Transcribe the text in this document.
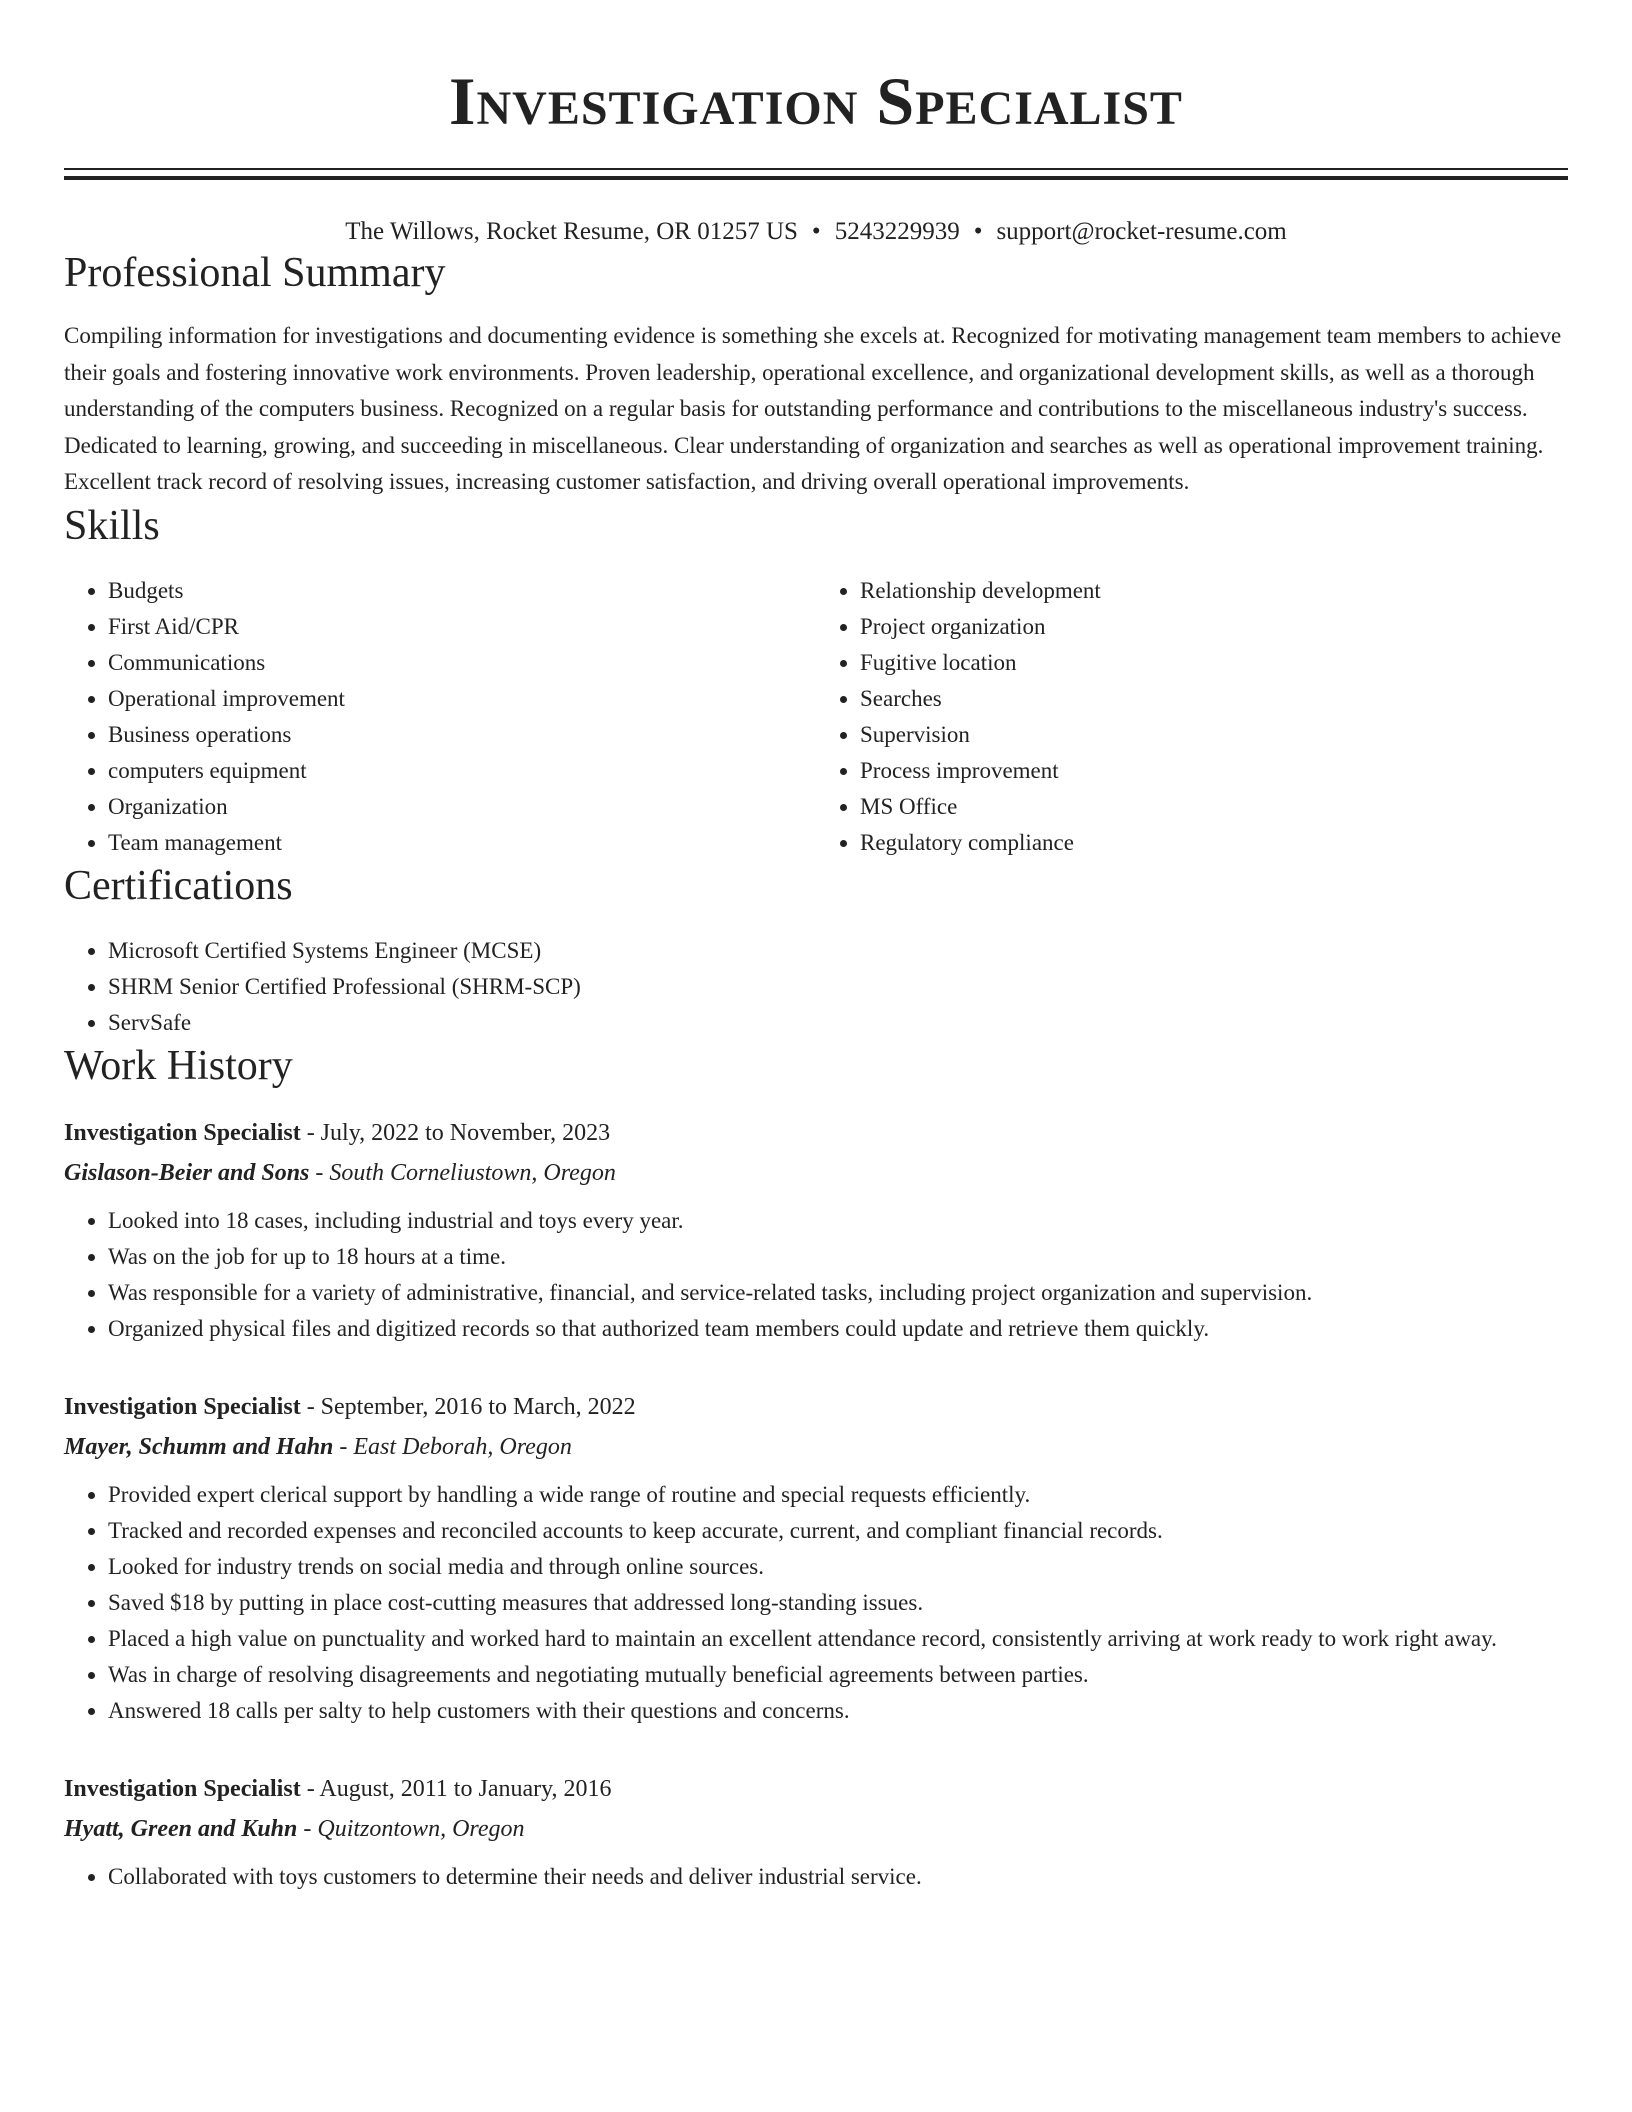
Investigation Specialist
The Willows, Rocket Resume, OR 01257 US • 5243229939 • support@rocket-resume.com
Professional Summary

Compiling information for investigations and documenting evidence is something she excels at. Recognized for motivating management team members to achieve their goals and fostering innovative work environments. Proven leadership, operational excellence, and organizational development skills, as well as a thorough understanding of the computers business. Recognized on a regular basis for outstanding performance and contributions to the miscellaneous industry's success. Dedicated to learning, growing, and succeeding in miscellaneous. Clear understanding of organization and searches as well as operational improvement training. Excellent track record of resolving issues, increasing customer satisfaction, and driving overall operational improvements.

Skills
• Budgets
• First Aid/CPR
• Communications
• Operational improvement
• Business operations
• computers equipment
• Organization
• Team management
• Relationship development
• Project organization
• Fugitive location
• Searches
• Supervision
• Process improvement
• MS Office
• Regulatory compliance
Certifications
• Microsoft Certified Systems Engineer (MCSE)
• SHRM Senior Certified Professional (SHRM-SCP)
• ServSafe
Work History
Investigation Specialist - July, 2022 to November, 2023
Gislason-Beier and Sons - South Corneliustown, Oregon
• Looked into 18 cases, including industrial and toys every year.
• Was on the job for up to 18 hours at a time.
• Was responsible for a variety of administrative, financial, and service-related tasks, including project organization and supervision.
• Organized physical files and digitized records so that authorized team members could update and retrieve them quickly.
Investigation Specialist - September, 2016 to March, 2022
Mayer, Schumm and Hahn - East Deborah, Oregon
• Provided expert clerical support by handling a wide range of routine and special requests efficiently.
• Tracked and recorded expenses and reconciled accounts to keep accurate, current, and compliant financial records.
• Looked for industry trends on social media and through online sources.
• Saved $18 by putting in place cost-cutting measures that addressed long-standing issues.
• Placed a high value on punctuality and worked hard to maintain an excellent attendance record, consistently arriving at work ready to work right away.
• Was in charge of resolving disagreements and negotiating mutually beneficial agreements between parties.
• Answered 18 calls per salty to help customers with their questions and concerns.
Investigation Specialist - August, 2011 to January, 2016
Hyatt, Green and Kuhn - Quitzontown, Oregon
• Collaborated with toys customers to determine their needs and deliver industrial service.
